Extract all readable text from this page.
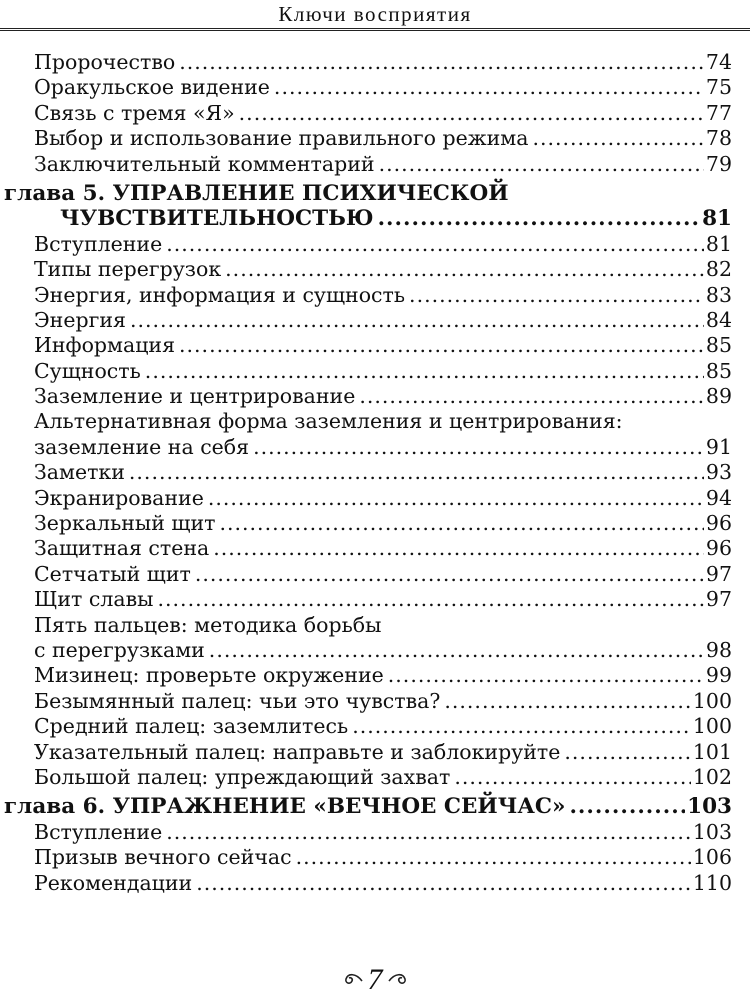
Ключи восприятия
Пророчество .....	74
Оракульское видение .....	75
Связь с тремя «Я» .....	77
Выбор и использование правильного режима .....	78
Заключительный комментарий .....	79
глава 5. УПРАВЛЕНИЕ ПСИХИЧЕСКОЙ
ЧУВСТВИТЕЛЬНОСТЬЮ .....	81
Вступление .....	81
Типы перегрузок .....	82
Энергия, информация и сущность .....	83
Энергия .....	84
Информация .....	85
Сущность .....	85
Заземление и центрирование .....	89
Альтернативная форма заземления и центрирования:
заземление на себя .....	91
Заметки .....	93
Экранирование .....	94
Зеркальный щит .....	96
Защитная стена .....	96
Сетчатый щит .....	97
Щит славы .....	97
Пять пальцев: методика борьбы
с перегрузками .....	98
Мизинец: проверьте окружение .....	99
Безымянный палец: чьи это чувства? .....	100
Средний палец: заземлитесь .....	100
Указательный палец: направьте и заблокируйте .....	101
Большой палец: упреждающий захват .....	102
глава 6. УПРАЖНЕНИЕ «ВЕЧНОЕ СЕЙЧАС» .....	103
Вступление .....	103
Призыв вечного сейчас .....	106
Рекомендации .....	110
7
